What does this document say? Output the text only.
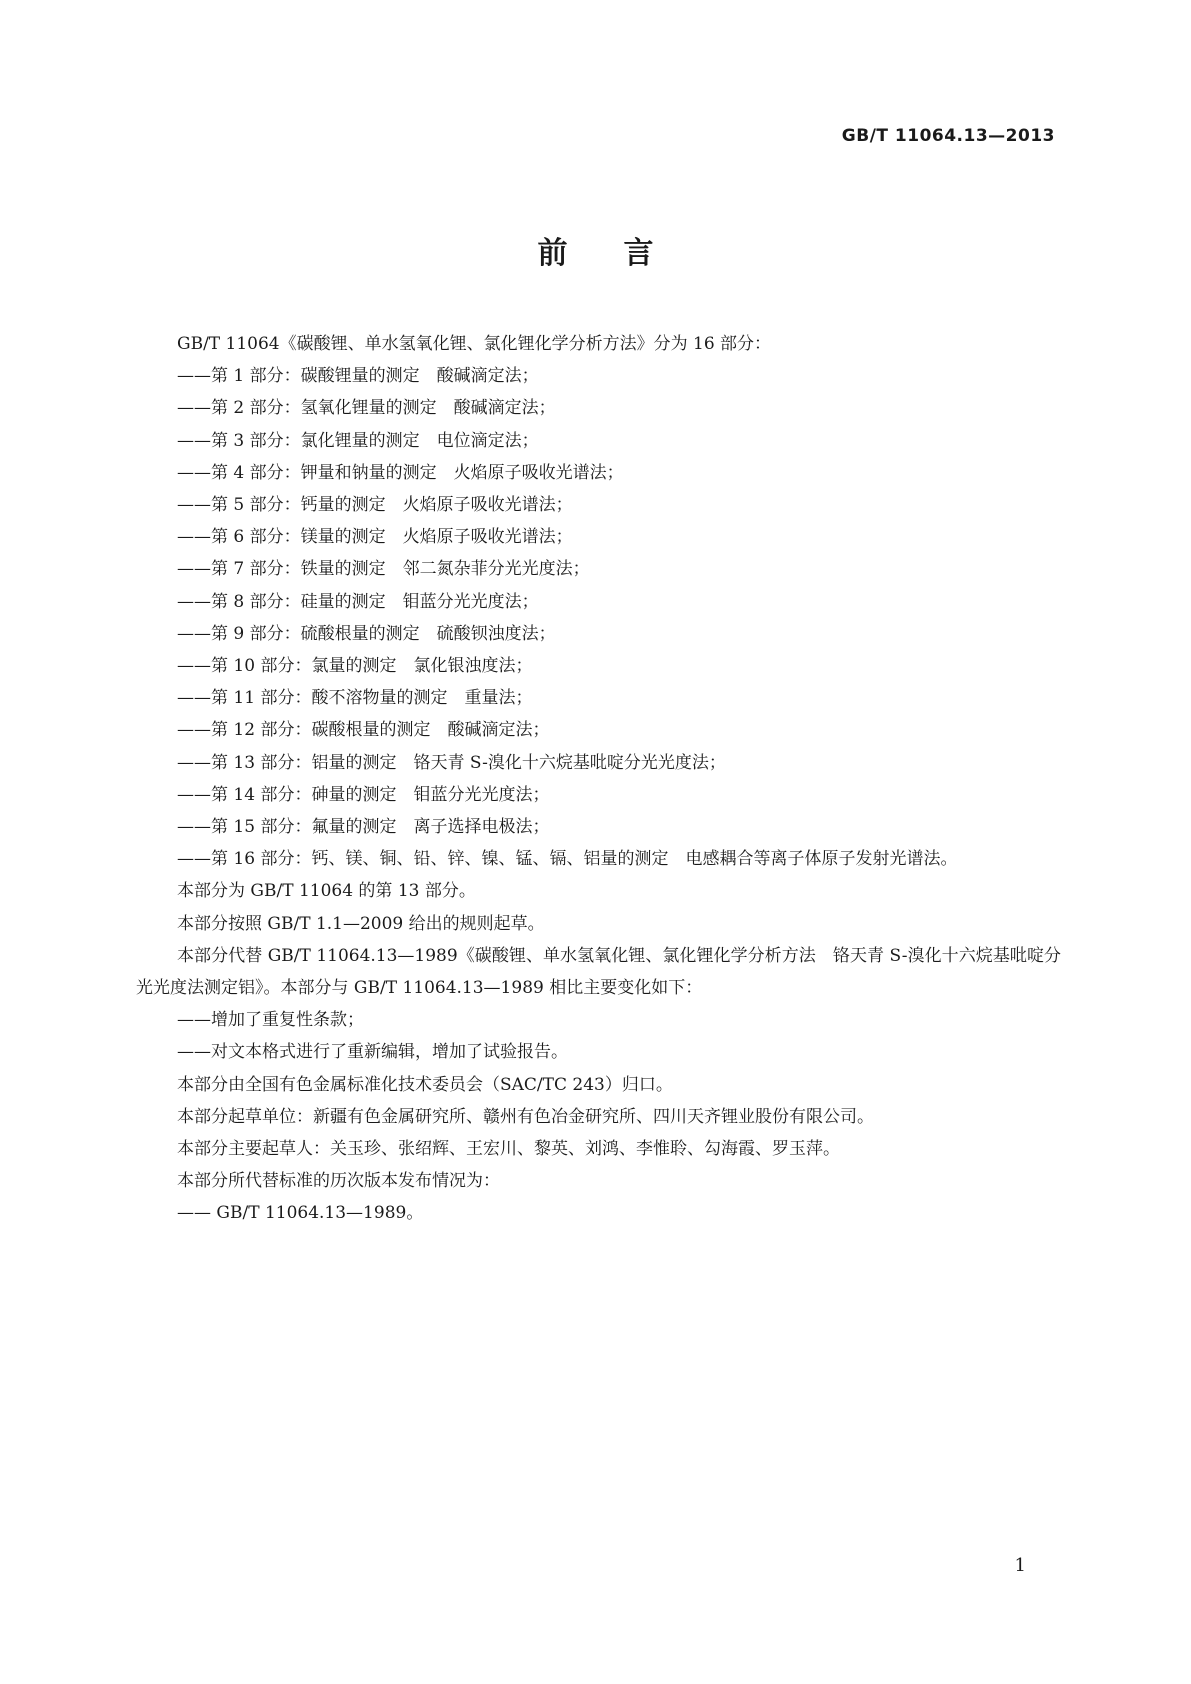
GB/T 11064.13—2013
前言

GB/T 11064《碳酸锂、单水氢氧化锂、氯化锂化学分析方法》分为 16 部分：

——第 1 部分：碳酸锂量的测定　酸碱滴定法；

——第 2 部分：氢氧化锂量的测定　酸碱滴定法；

——第 3 部分：氯化锂量的测定　电位滴定法；

——第 4 部分：钾量和钠量的测定　火焰原子吸收光谱法；

——第 5 部分：钙量的测定　火焰原子吸收光谱法；

——第 6 部分：镁量的测定　火焰原子吸收光谱法；

——第 7 部分：铁量的测定　邻二氮杂菲分光光度法；

——第 8 部分：硅量的测定　钼蓝分光光度法；

——第 9 部分：硫酸根量的测定　硫酸钡浊度法；

——第 10 部分：氯量的测定　氯化银浊度法；

——第 11 部分：酸不溶物量的测定　重量法；

——第 12 部分：碳酸根量的测定　酸碱滴定法；

——第 13 部分：铝量的测定　铬天青 S-溴化十六烷基吡啶分光光度法；

——第 14 部分：砷量的测定　钼蓝分光光度法；

——第 15 部分：氟量的测定　离子选择电极法；

——第 16 部分：钙、镁、铜、铅、锌、镍、锰、镉、铝量的测定　电感耦合等离子体原子发射光谱法。

本部分为 GB/T 11064 的第 13 部分。

本部分按照 GB/T 1.1—2009 给出的规则起草。

本部分代替 GB/T 11064.13—1989《碳酸锂、单水氢氧化锂、氯化锂化学分析方法　铬天青 S-溴化十六烷基吡啶分光光度法测定铝》。本部分与 GB/T 11064.13—1989 相比主要变化如下：

——增加了重复性条款；

——对文本格式进行了重新编辑，增加了试验报告。

本部分由全国有色金属标准化技术委员会（SAC/TC 243）归口。

本部分起草单位：新疆有色金属研究所、赣州有色冶金研究所、四川天齐锂业股份有限公司。

本部分主要起草人：关玉珍、张绍辉、王宏川、黎英、刘鸿、李惟聆、勾海霞、罗玉萍。

本部分所代替标准的历次版本发布情况为：

—— GB/T 11064.13—1989。

1
